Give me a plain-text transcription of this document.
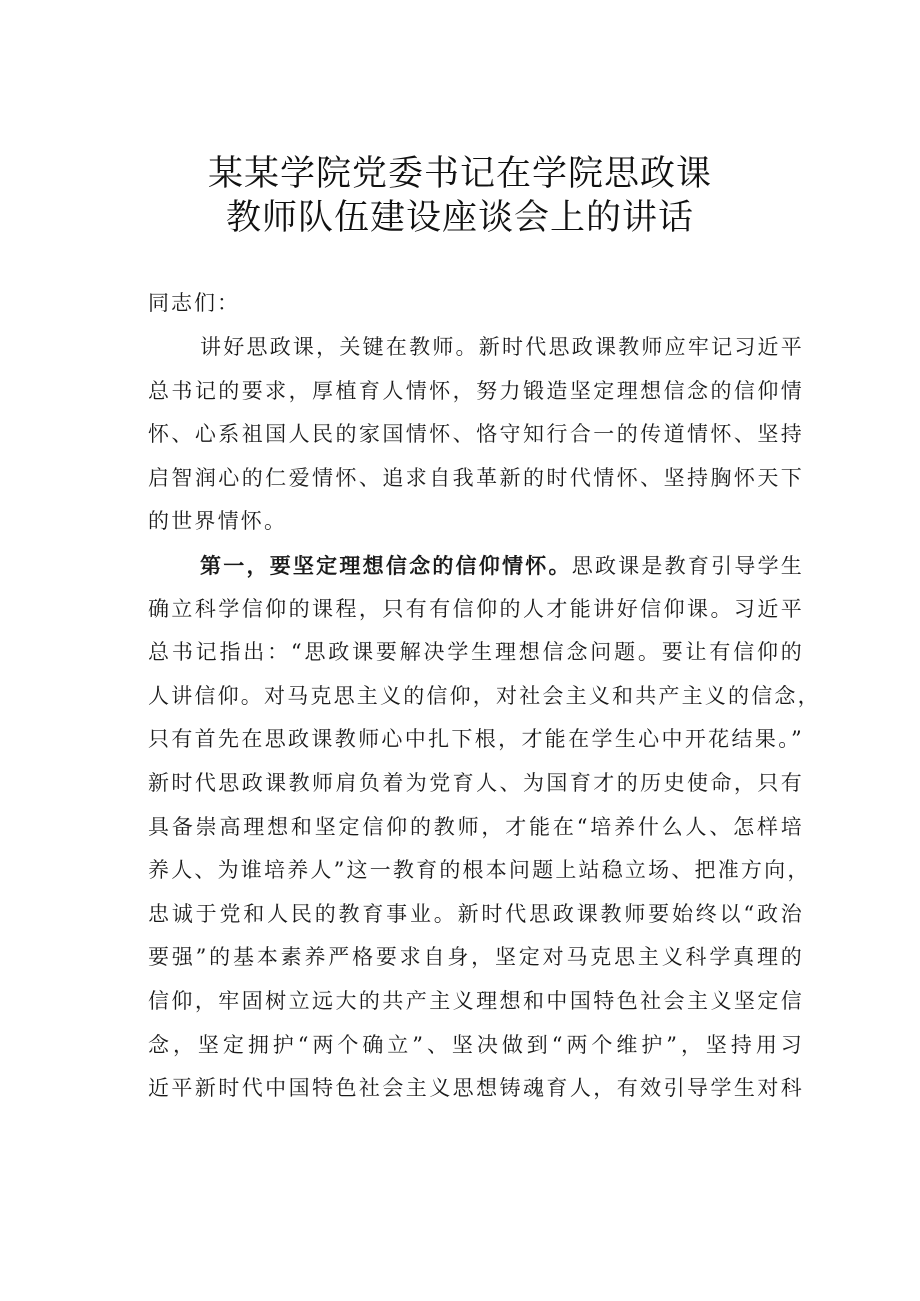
某某学院党委书记在学院思政课
教师队伍建设座谈会上的讲话
同志们：
讲好思政课，关键在教师。新时代思政课教师应牢记习近平
总书记的要求，厚植育人情怀，努力锻造坚定理想信念的信仰情
怀、心系祖国人民的家国情怀、恪守知行合一的传道情怀、坚持
启智润心的仁爱情怀、追求自我革新的时代情怀、坚持胸怀天下
的世界情怀。
第一，要坚定理想信念的信仰情怀。思政课是教育引导学生
确立科学信仰的课程，只有有信仰的人才能讲好信仰课。习近平
总书记指出：“思政课要解决学生理想信念问题。要让有信仰的
人讲信仰。对马克思主义的信仰，对社会主义和共产主义的信念，
只有首先在思政课教师心中扎下根，才能在学生心中开花结果。”
新时代思政课教师肩负着为党育人、为国育才的历史使命，只有
具备崇高理想和坚定信仰的教师，才能在“培养什么人、怎样培
养人、为谁培养人”这一教育的根本问题上站稳立场、把准方向，
忠诚于党和人民的教育事业。新时代思政课教师要始终以“政治
要强”的基本素养严格要求自身，坚定对马克思主义科学真理的
信仰，牢固树立远大的共产主义理想和中国特色社会主义坚定信
念，坚定拥护“两个确立”、坚决做到“两个维护”，坚持用习
近平新时代中国特色社会主义思想铸魂育人，有效引导学生对科
